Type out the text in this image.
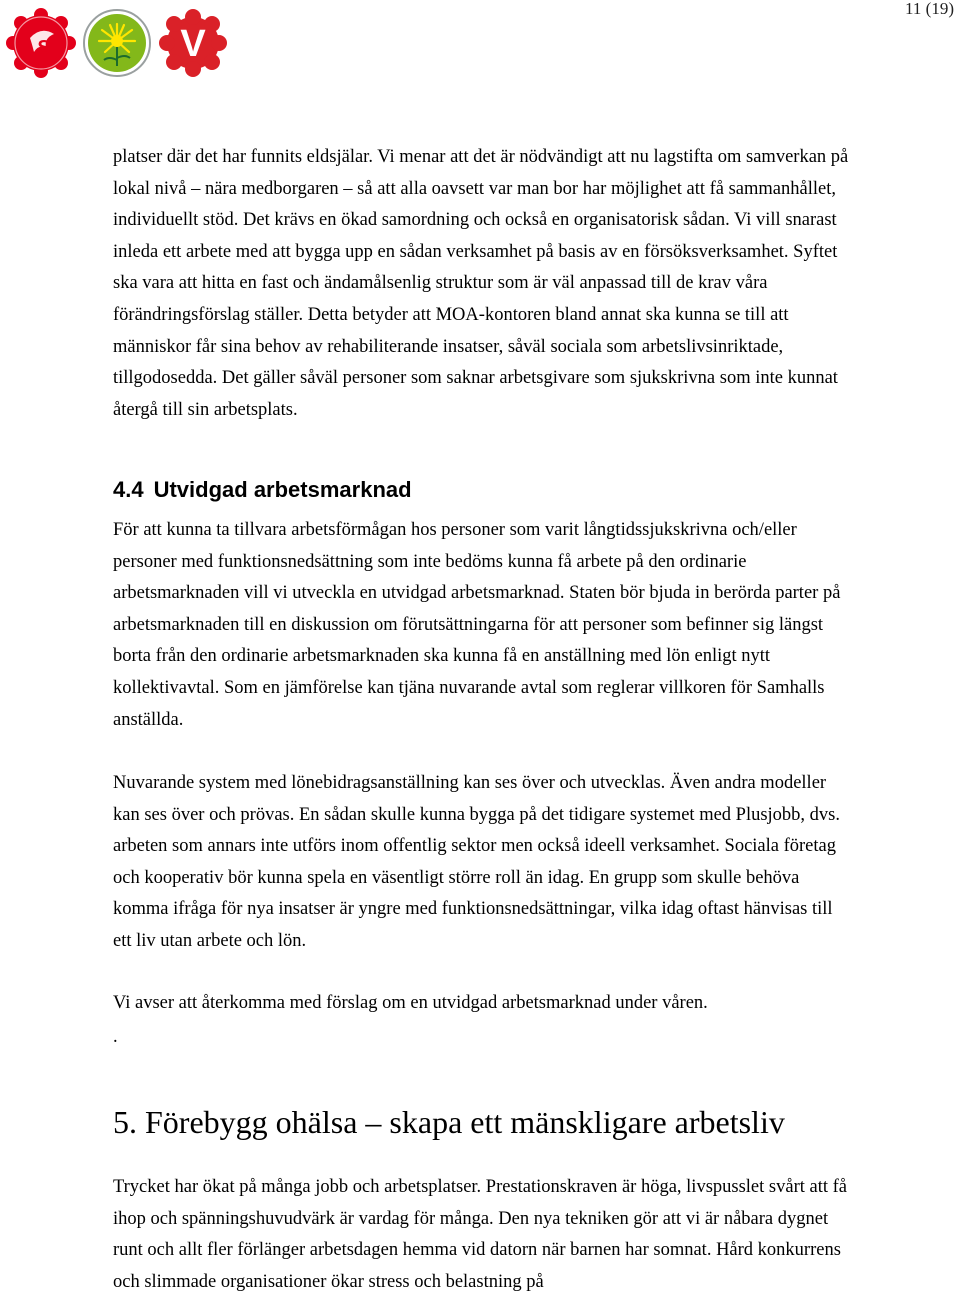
S	V
11 (19)

platser där det har funnits eldsjälar. Vi menar att det är nödvändigt att nu lagstifta om samverkan på lokal nivå – nära medborgaren – så att alla oavsett var man bor har möjlighet att få sammanhållet, individuellt stöd. Det krävs en ökad samordning och också en organisatorisk sådan. Vi vill snarast inleda ett arbete med att bygga upp en sådan verksamhet på basis av en försöksverksamhet. Syftet ska vara att hitta en fast och ändamålsenlig struktur som är väl anpassad till de krav våra förändringsförslag ställer. Detta betyder att MOA-kontoren bland annat ska kunna se till att människor får sina behov av rehabiliterande insatser, såväl sociala som arbetslivsinriktade, tillgodosedda. Det gäller såväl personer som saknar arbetsgivare som sjukskrivna som inte kunnat återgå till sin arbetsplats.

4.4 Utvidgad arbetsmarknad

För att kunna ta tillvara arbetsförmågan hos personer som varit långtidssjukskrivna och/eller personer med funktionsnedsättning som inte bedöms kunna få arbete på den ordinarie arbetsmarknaden vill vi utveckla en utvidgad arbetsmarknad. Staten bör bjuda in berörda parter på arbetsmarknaden till en diskussion om förutsättningarna för att personer som befinner sig längst borta från den ordinarie arbetsmarknaden ska kunna få en anställning med lön enligt nytt kollektivavtal. Som en jämförelse kan tjäna nuvarande avtal som reglerar villkoren för Samhalls anställda.

Nuvarande system med lönebidragsanställning kan ses över och utvecklas. Även andra modeller kan ses över och prövas. En sådan skulle kunna bygga på det tidigare systemet med Plusjobb, dvs. arbeten som annars inte utförs inom offentlig sektor men också ideell verksamhet. Sociala företag och kooperativ bör kunna spela en väsentligt större roll än idag. En grupp som skulle behöva komma ifråga för nya insatser är yngre med funktionsnedsättningar, vilka idag oftast hänvisas till ett liv utan arbete och lön.

Vi avser att återkomma med förslag om en utvidgad arbetsmarknad under våren.

.

5. Förebygg ohälsa – skapa ett mänskligare arbetsliv

Trycket har ökat på många jobb och arbetsplatser. Prestationskraven är höga, livspusslet svårt att få ihop och spänningshuvudvärk är vardag för många. Den nya tekniken gör att vi är nåbara dygnet runt och allt fler förlänger arbetsdagen hemma vid datorn när barnen har somnat. Hård konkurrens och slimmade organisationer ökar stress och belastning på
